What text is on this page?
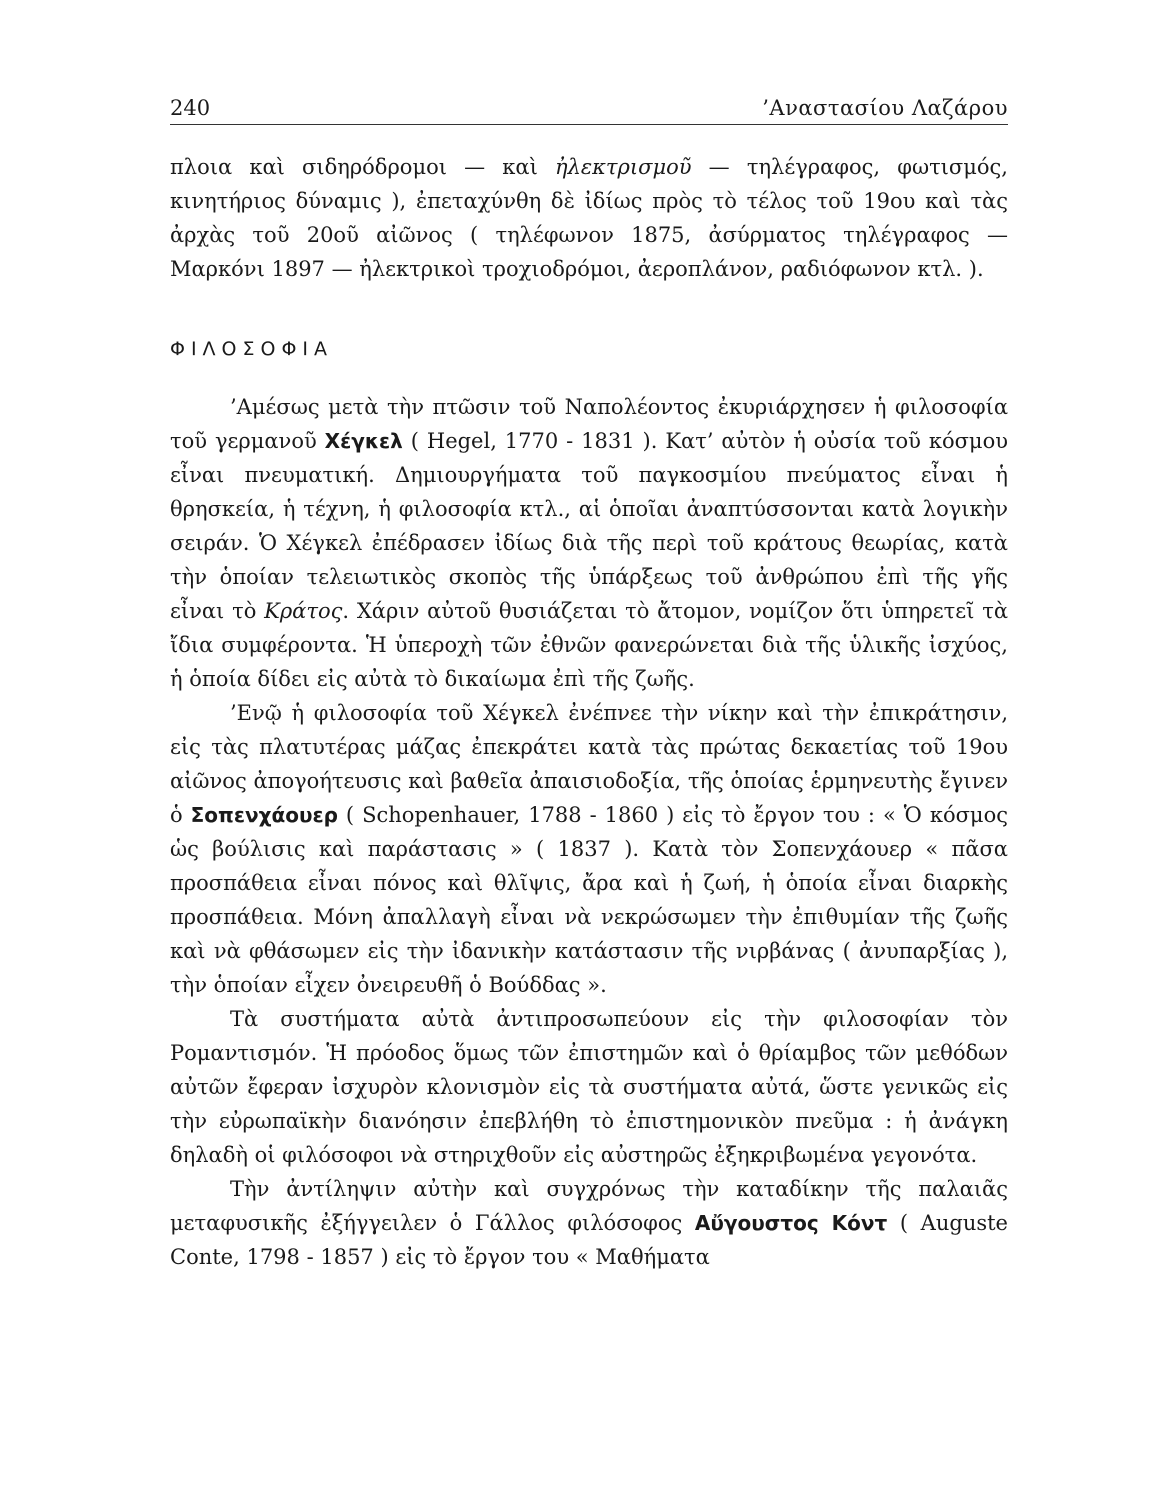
240	’Αναστασίου Λαζάρου

πλοια καὶ σιδηρόδρομοι — καὶ ἠλεκτρισμοῦ — τηλέγραφος, φωτισμός, κινητήριος δύναμις ), ἐπεταχύνθη δὲ ἰδίως πρὸς τὸ τέλος τοῦ 19ου καὶ τὰς ἀρχὰς τοῦ 20οῦ αἰῶνος ( τηλέφωνον 1875, ἀσύρματος τηλέγραφος — Μαρκόνι 1897 — ἠλεκτρικοὶ τροχιοδρόμοι, ἀεροπλάνον, ραδιόφωνον κτλ. ).

ΦΙΛΟΣΟΦΙΑ

’Αμέσως μετὰ τὴν πτῶσιν τοῦ Ναπολέοντος ἐκυριάρχησεν ἡ φιλοσοφία τοῦ γερμανοῦ Χέγκελ ( Hegel, 1770 - 1831 ). Κατ’ αὐτὸν ἡ οὐσία τοῦ κόσμου εἶναι πνευματική. Δημιουργήματα τοῦ παγκοσμίου πνεύματος εἶναι ἡ θρησκεία, ἡ τέχνη, ἡ φιλοσοφία κτλ., αἱ ὁποῖαι ἀναπτύσσονται κατὰ λογικὴν σειράν. Ὁ Χέγκελ ἐπέδρασεν ἰδίως διὰ τῆς περὶ τοῦ κράτους θεωρίας, κατὰ τὴν ὁποίαν τελειωτικὸς σκοπὸς τῆς ὑπάρξεως τοῦ ἀνθρώπου ἐπὶ τῆς γῆς εἶναι τὸ Κράτος. Χάριν αὐτοῦ θυσιάζεται τὸ ἄτομον, νομίζον ὅτι ὑπηρετεῖ τὰ ἴδια συμφέροντα. Ἡ ὑπεροχὴ τῶν ἐθνῶν φανερώνεται διὰ τῆς ὑλικῆς ἰσχύος, ἡ ὁποία δίδει εἰς αὐτὰ τὸ δικαίωμα ἐπὶ τῆς ζωῆς.

’Ενῷ ἡ φιλοσοφία τοῦ Χέγκελ ἐνέπνεε τὴν νίκην καὶ τὴν ἐπικράτησιν, εἰς τὰς πλατυτέρας μάζας ἐπεκράτει κατὰ τὰς πρώτας δεκαετίας τοῦ 19ου αἰῶνος ἀπογοήτευσις καὶ βαθεῖα ἀπαισιοδοξία, τῆς ὁποίας ἑρμηνευτὴς ἔγινεν ὁ Σοπενχάουερ ( Schopenhauer, 1788 - 1860 ) εἰς τὸ ἔργον του : « Ὁ κόσμος ὡς βούλισις καὶ παράστασις » ( 1837 ). Κατὰ τὸν Σοπενχάουερ « πᾶσα προσπάθεια εἶναι πόνος καὶ θλῖψις, ἄρα καὶ ἡ ζωή, ἡ ὁποία εἶναι διαρκὴς προσπάθεια. Μόνη ἀπαλλαγὴ εἶναι νὰ νεκρώσωμεν τὴν ἐπιθυμίαν τῆς ζωῆς καὶ νὰ φθάσωμεν εἰς τὴν ἰδανικὴν κατάστασιν τῆς νιρβάνας ( ἀνυπαρξίας ), τὴν ὁποίαν εἶχεν ὀνειρευθῆ ὁ Βούδδας ».

Τὰ συστήματα αὐτὰ ἀντιπροσωπεύουν εἰς τὴν φιλοσοφίαν τὸν Ρομαντισμόν. Ἡ πρόοδος ὅμως τῶν ἐπιστημῶν καὶ ὁ θρίαμβος τῶν μεθόδων αὐτῶν ἔφεραν ἰσχυρὸν κλονισμὸν εἰς τὰ συστήματα αὐτά, ὥστε γενικῶς εἰς τὴν εὐρωπαϊκὴν διανόησιν ἐπεβλήθη τὸ ἐπιστημονικὸν πνεῦμα : ἡ ἀνάγκη δηλαδὴ οἱ φιλόσοφοι νὰ στηριχθοῦν εἰς αὐστηρῶς ἐξηκριβωμένα γεγονότα.

Τὴν ἀντίληψιν αὐτὴν καὶ συγχρόνως τὴν καταδίκην τῆς παλαιᾶς μεταφυσικῆς ἐξήγγειλεν ὁ Γάλλος φιλόσοφος Αὔγουστος Κόντ ( Auguste Conte, 1798 - 1857 ) εἰς τὸ ἔργον του « Μαθήματα
